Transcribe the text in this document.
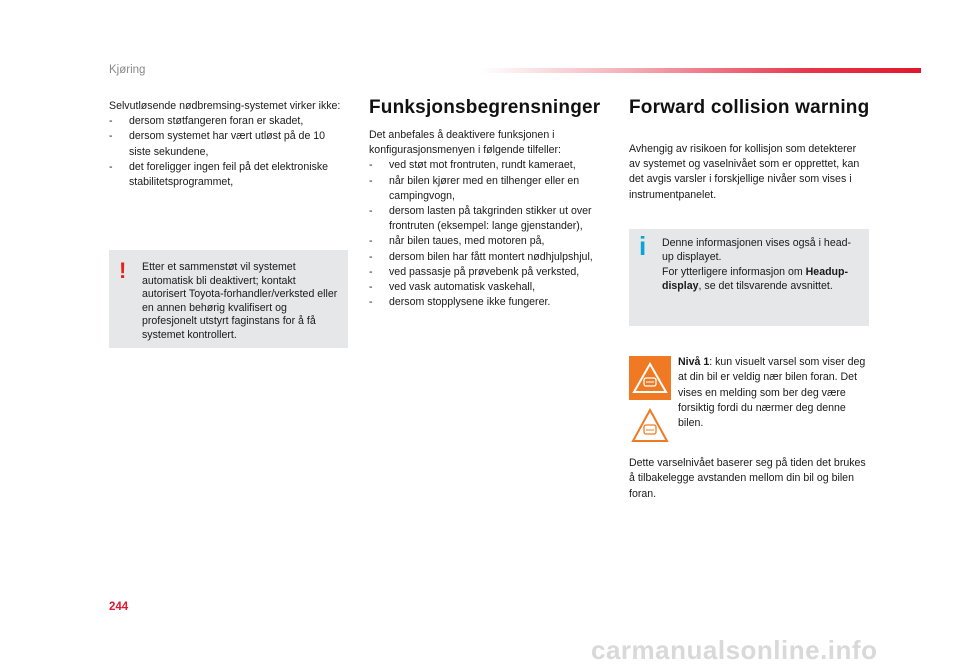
Kjøring

Selvutløsende nødbremsing-systemet virker ikke:

- dersom støtfangeren foran er skadet,
- dersom systemet har vært utløst på de 10 siste sekundene,
- det foreligger ingen feil på det elektroniske stabilitetsprogrammet,
! Etter et sammenstøt vil systemet automatisk bli deaktivert; kontakt autorisert Toyota-forhandler/verksted eller en annen behørig kvalifisert og profesjonelt utstyrt faginstans for å få systemet kontrollert.
Funksjonsbegrensninger

Det anbefales å deaktivere funksjonen i konfigurasjonsmenyen i følgende tilfeller:

- ved støt mot frontruten, rundt kameraet,
- når bilen kjører med en tilhenger eller en campingvogn,
- dersom lasten på takgrinden stikker ut over frontruten (eksempel: lange gjenstander),
- når bilen taues, med motoren på,
- dersom bilen har fått montert nødhjulpshjul,
- ved passasje på prøvebenk på verksted,
- ved vask automatisk vaskehall,
- dersom stopplysene ikke fungerer.
Forward collision warning

Avhengig av risikoen for kollisjon som detekterer av systemet og vaselnivået som er opprettet, kan det avgis varsler i forskjellige nivåer som vises i instrumentpanelet.

i Denne informasjonen vises også i head-up displayet.
For ytterligere informasjon om Headup-display, se det tilsvarende avsnittet.
Nivå 1: kun visuelt varsel som viser deg at din bil er veldig nær bilen foran. Det vises en melding som ber deg være forsiktig fordi du nærmer deg denne bilen.
Dette varselnivået baserer seg på tiden det brukes å tilbakelegge avstanden mellom din bil og bilen foran.
244
carmanualsonline.info
